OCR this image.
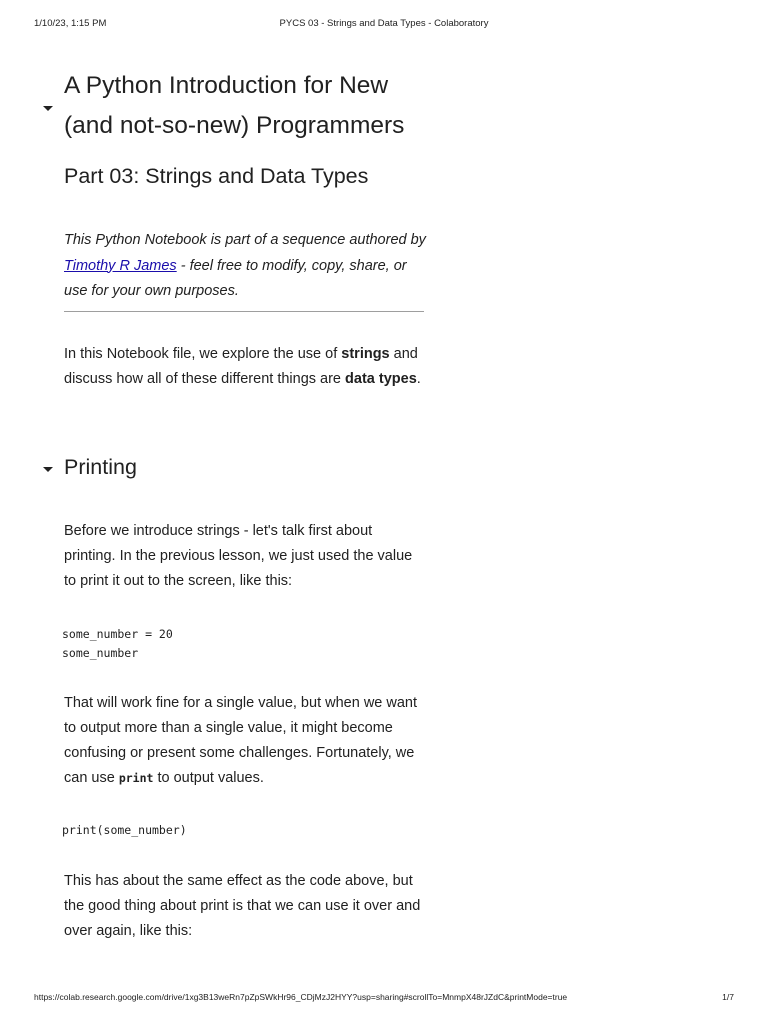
1/10/23, 1:15 PM	PYCS 03 - Strings and Data Types - Colaboratory
A Python Introduction for New
(and not-so-new) Programmers
Part 03: Strings and Data Types

This Python Notebook is part of a sequence authored by Timothy R James - feel free to modify, copy, share, or use for your own purposes.

In this Notebook file, we explore the use of strings and discuss how all of these different things are data types.

Printing

Before we introduce strings - let's talk first about printing. In the previous lesson, we just used the value to print it out to the screen, like this:

some_number = 20
some_number

That will work fine for a single value, but when we want to output more than a single value, it might become confusing or present some challenges. Fortunately, we can use print to output values.

print(some_number)

This has about the same effect as the code above, but the good thing about print is that we can use it over and over again, like this:

https://colab.research.google.com/drive/1xg3B13weRn7pZpSWkHr96_CDjMzJ2HYY?usp=sharing#scrollTo=MnmpX48rJZdC&printMode=true	1/7
